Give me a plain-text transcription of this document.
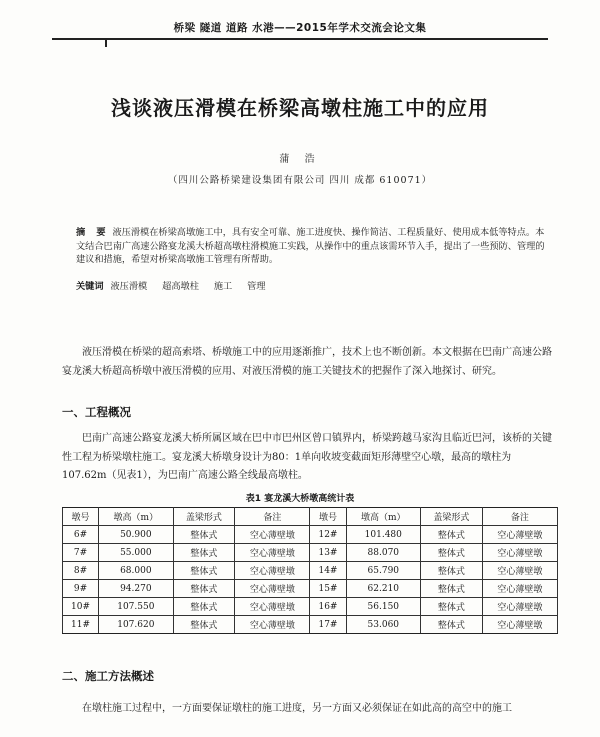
桥梁 隧道 道路 水港——2015年学术交流会论文集
浅谈液压滑模在桥梁高墩柱施工中的应用
蒲 浩
（四川公路桥梁建设集团有限公司 四川 成都 610071）
摘 要 液压滑模在桥梁高墩施工中，具有安全可靠、施工进度快、操作简洁、工程质量好、使用成本低等特点。本文结合巴南广高速公路宴龙溪大桥超高墩柱滑模施工实践，从操作中的重点该需环节入手，提出了一些预防、管理的建议和措施，希望对桥梁高墩施工管理有所帮助。
关键词 液压滑模 超高墩柱 施工 管理
液压滑模在桥梁的超高索塔、桥墩施工中的应用逐渐推广，技术上也不断创新。本文根据在巴南广高速公路宴龙溪大桥超高桥墩中液压滑模的应用、对液压滑模的施工关键技术的把握作了深入地探讨、研究。
一、工程概况
巴南广高速公路宴龙溪大桥所属区域在巴中市巴州区曾口镇界内，桥梁跨越马家沟且临近巴河，该桥的关键性工程为桥梁墩柱施工。宴龙溪大桥墩身设计为80：1单向收坡变截面矩形薄壁空心墩，最高的墩柱为107.62m（见表1），为巴南广高速公路全线最高墩柱。
表1 宴龙溪大桥墩高统计表
墩号	墩高（m）	盖梁形式	备注	墩号	墩高（m）	盖梁形式	备注
6#	50.900	整体式	空心薄壁墩	12#	101.480	整体式	空心薄壁墩
7#	55.000	整体式	空心薄壁墩	13#	88.070	整体式	空心薄壁墩
8#	68.000	整体式	空心薄壁墩	14#	65.790	整体式	空心薄壁墩
9#	94.270	整体式	空心薄壁墩	15#	62.210	整体式	空心薄壁墩
10#	107.550	整体式	空心薄壁墩	16#	56.150	整体式	空心薄壁墩
11#	107.620	整体式	空心薄壁墩	17#	53.060	整体式	空心薄壁墩
二、施工方法概述
在墩柱施工过程中，一方面要保证墩柱的施工进度，另一方面又必须保证在如此高的高空中的施工
